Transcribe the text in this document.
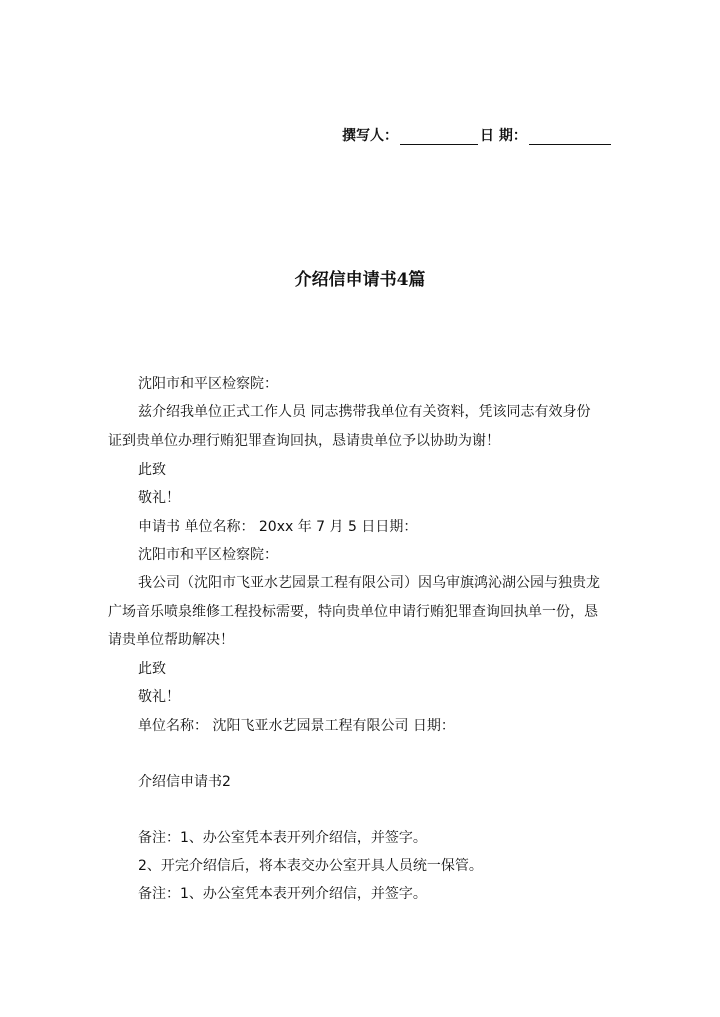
撰写人：	日 期：
介绍信申请书4篇
沈阳市和平区检察院：
兹介绍我单位正式工作人员 同志携带我单位有关资料，凭该同志有效身份
证到贵单位办理行贿犯罪查询回执，恳请贵单位予以协助为谢！
此致
敬礼！
申请书 单位名称： 20xx 年 7 月 5 日日期：
沈阳市和平区检察院：
我公司（沈阳市飞亚水艺园景工程有限公司）因乌审旗鸿沁湖公园与独贵龙
广场音乐喷泉维修工程投标需要，特向贵单位申请行贿犯罪查询回执单一份，恳
请贵单位帮助解决！
此致
敬礼！
单位名称： 沈阳飞亚水艺园景工程有限公司 日期：
介绍信申请书2
备注：1、办公室凭本表开列介绍信，并签字。
2、开完介绍信后，将本表交办公室开具人员统一保管。
备注：1、办公室凭本表开列介绍信，并签字。
